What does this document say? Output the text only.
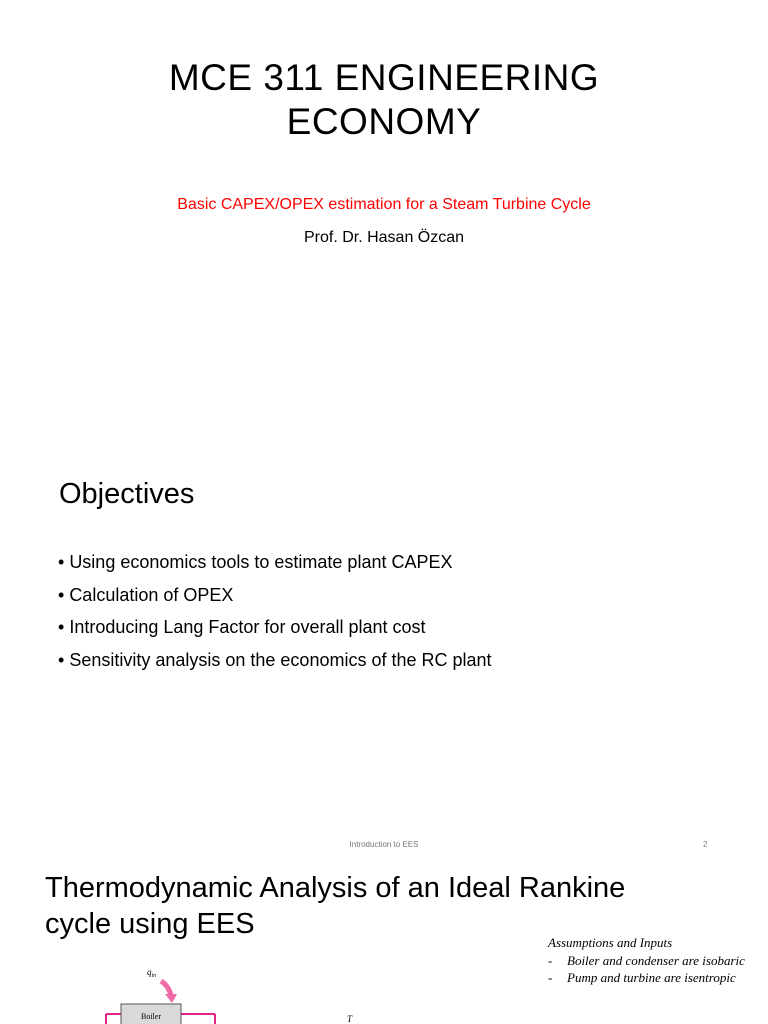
MCE 311 ENGINEERING
ECONOMY
Basic CAPEX/OPEX estimation for a Steam Turbine Cycle
Prof. Dr. Hasan Özcan
Objectives
• Using economics tools to estimate plant CAPEX
• Calculation of OPEX
• Introducing Lang Factor for overall plant cost
• Sensitivity analysis on the economics of the RC plant
Introduction to EES	2
Thermodynamic Analysis of an Ideal Rankine
cycle using EES
Assumptions and Inputs
- Boiler and condenser are isobaric
- Pump and turbine are isentropic
$q_{in}$
Boiler	T
